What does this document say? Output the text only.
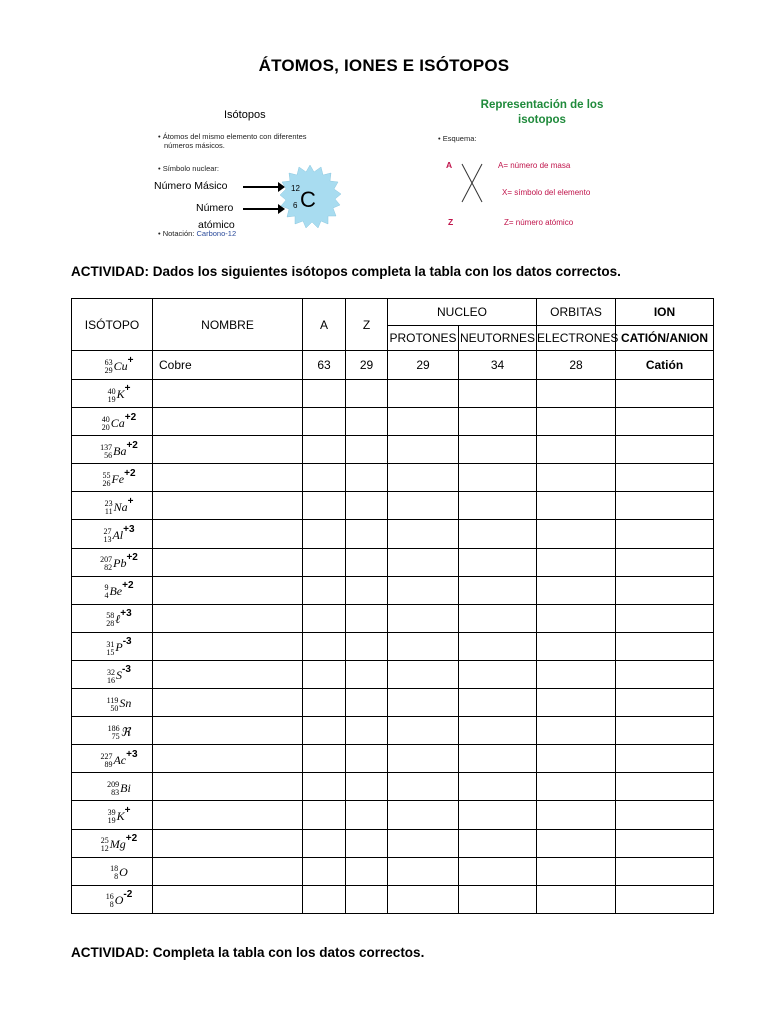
ÁTOMOS, IONES E ISÓTOPOS
Isótopos
• Átomos del mismo elemento con diferentes
números másicos.
• Símbolo nuclear:
Número Másico
Número
atómico
12
6 C
• Notación: Carbono-12
Representación de los
isotopos
• Esquema:
A
Z
A= número de masa
X= símbolo del elemento
Z= número atómico
ACTIVIDAD: Dados los siguientes isótopos completa la tabla con los datos correctos.
ISÓTOPO	NOMBRE	A	Z	NUCLEO		ORBITAS	ION
				PROTONES	NEUTORNES	ELECTRONES	CATIÓN/ANION

63
29 Cu+	Cobre	63	29	29	34	28	Catión

40
19 K+							

40
20 $Ca^{+2}$							

137
56 $Ba^{+2}$							

55
26 $Fe^{+2}$							

23
11 Na+							

27
13 $Al^{+3}$							

207
82 $Pb^{+2}$							

9
4 $Be^{+2}$							

58
28 ℓ$^{+3}$							

31
15 $P^{-3}$							

32
16 $S^{-3}$							

119
50 Sn							

186
75 ℜ							

227
89 $Ac^{+3}$							

209
83 Bi							

39
19 K+							

25
12 $Mg^{+2}$							

18
8 O							

16
8 $O^{-2}$							
ACTIVIDAD: Completa la tabla con los datos correctos.
